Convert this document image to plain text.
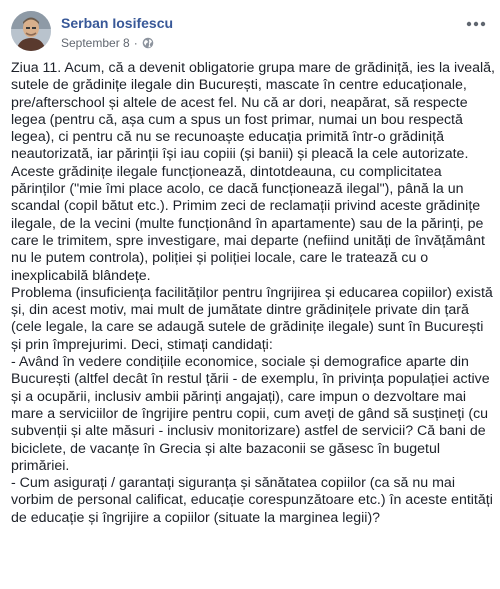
Serban Iosifescu
September 8 ·

Ziua 11. Acum, că a devenit obligatorie grupa mare de grădiniță, ies la iveală, sutele de grădinițe ilegale din București, mascate în centre educaționale, pre/afterschool și altele de acest fel. Nu că ar dori, neapărat, să respecte legea (pentru că, așa cum a spus un fost primar, numai un bou respectă legea), ci pentru că nu se recunoaște educația primită într-o grădiniță neautorizată, iar părinții își iau copiii (și banii) și pleacă la cele autorizate.

Aceste grădinițe ilegale funcționează, dintotdeauna, cu complicitatea părinților ("mie îmi place acolo, ce dacă funcționează ilegal"), până la un scandal (copil bătut etc.). Primim zeci de reclamații privind aceste grădinițe ilegale, de la vecini (multe funcționând în apartamente) sau de la părinți, pe care le trimitem, spre investigare, mai departe (nefiind unități de învățământ nu le putem controla), poliției și poliției locale, care le tratează cu o inexplicabilă blândețe.

Problema (insuficiența facilităților pentru îngrijirea și educarea copiilor) există și, din acest motiv, mai mult de jumătate dintre grădinițele private din țară (cele legale, la care se adaugă sutele de grădinițe ilegale) sunt în București și prin împrejurimi. Deci, stimați candidați:

- Având în vedere condițiile economice, sociale și demografice aparte din București (altfel decât în restul țării - de exemplu, în privința populației active și a ocupării, inclusiv ambii părinți angajați), care impun o dezvoltare mai mare a serviciilor de îngrijire pentru copii, cum aveți de gând să susțineți (cu subvenții și alte măsuri - inclusiv monitorizare) astfel de servicii? Că bani de biciclete, de vacanțe în Grecia și alte bazaconii se găsesc în bugetul primăriei.

- Cum asigurați / garantați siguranța și sănătatea copiilor (ca să nu mai vorbim de personal calificat, educație corespunzătoare etc.) în aceste entități de educație și îngrijire a copiilor (situate la marginea legii)?
